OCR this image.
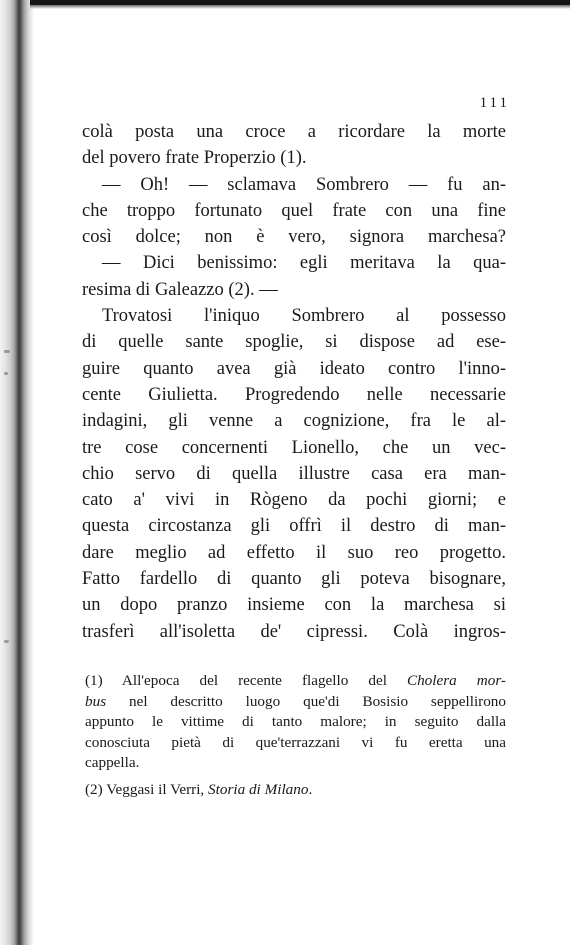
111
colà posta una croce a ricordare la morte
del povero frate Properzio (1).
— Oh! — sclamava Sombrero — fu an-
che troppo fortunato quel frate con una fine
così dolce; non è vero, signora marchesa?
— Dici benissimo: egli meritava la qua-
resima di Galeazzo (2). —
Trovatosi l'iniquo Sombrero al possesso
di quelle sante spoglie, si dispose ad ese-
guire quanto avea già ideato contro l'inno-
cente Giulietta. Progredendo nelle necessarie
indagini, gli venne a cognizione, fra le al-
tre cose concernenti Lionello, che un vec-
chio servo di quella illustre casa era man-
cato a' vivi in Rògeno da pochi giorni; e
questa circostanza gli offrì il destro di man-
dare meglio ad effetto il suo reo progetto.
Fatto fardello di quanto gli poteva bisognare,
un dopo pranzo insieme con la marchesa si
trasferì all'isoletta de' cipressi. Colà ingros-
(1) All'epoca del recente flagello del Cholera mor-
bus nel descritto luogo que'di Bosisio seppellirono
appunto le vittime di tanto malore; in seguito dalla
conosciuta pietà di que'terrazzani vi fu eretta una
cappella.
(2) Veggasi il Verri, Storia di Milano.
